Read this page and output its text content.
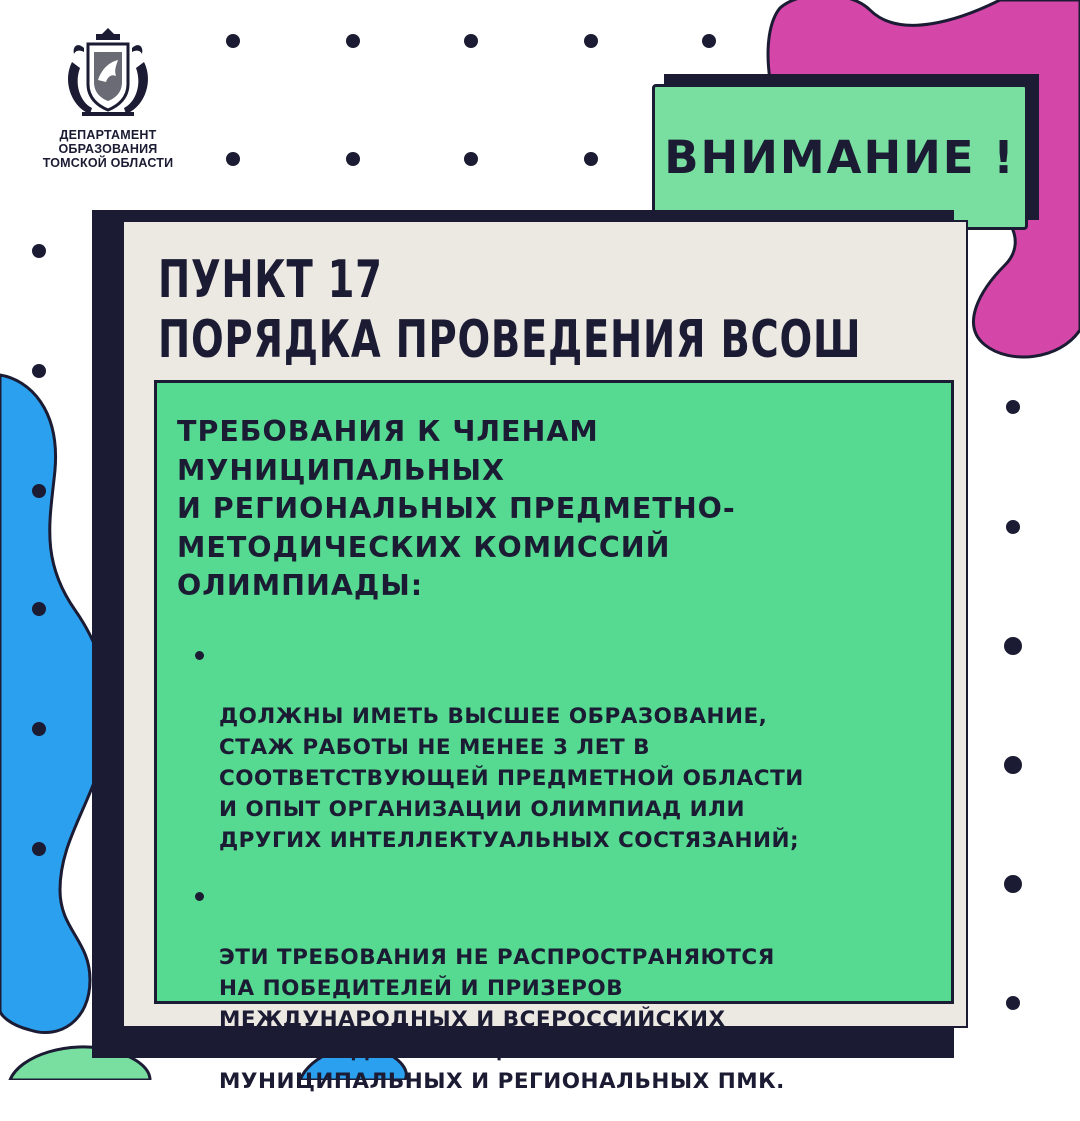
ДЕПАРТАМЕНТ
ОБРАЗОВАНИЯ
ТОМСКОЙ ОБЛАСТИ	ВНИМАНИЕ !
ПУНКТ 17
ПОРЯДКА ПРОВЕДЕНИЯ ВСОШ
ТРЕБОВАНИЯ К ЧЛЕНАМ
МУНИЦИПАЛЬНЫХ
И РЕГИОНАЛЬНЫХ ПРЕДМЕТНО-
МЕТОДИЧЕСКИХ КОМИССИЙ
ОЛИМПИАДЫ:

ДОЛЖНЫ ИМЕТЬ ВЫСШЕЕ ОБРАЗОВАНИЕ,
СТАЖ РАБОТЫ НЕ МЕНЕЕ 3 ЛЕТ В
СООТВЕТСТВУЮЩЕЙ ПРЕДМЕТНОЙ ОБЛАСТИ
И ОПЫТ ОРГАНИЗАЦИИ ОЛИМПИАД ИЛИ
ДРУГИХ ИНТЕЛЛЕКТУАЛЬНЫХ СОСТЯЗАНИЙ;

ЭТИ ТРЕБОВАНИЯ НЕ РАСПРОСТРАНЯЮТСЯ
НА ПОБЕДИТЕЛЕЙ И ПРИЗЕРОВ
МЕЖДУНАРОДНЫХ И ВСЕРОССИЙСКИХ
ОЛИМПИАД ЯВЛЯЮЩИХСЯ ЧЛЕНАМИ
МУНИЦИПАЛЬНЫХ И РЕГИОНАЛЬНЫХ ПМК.
